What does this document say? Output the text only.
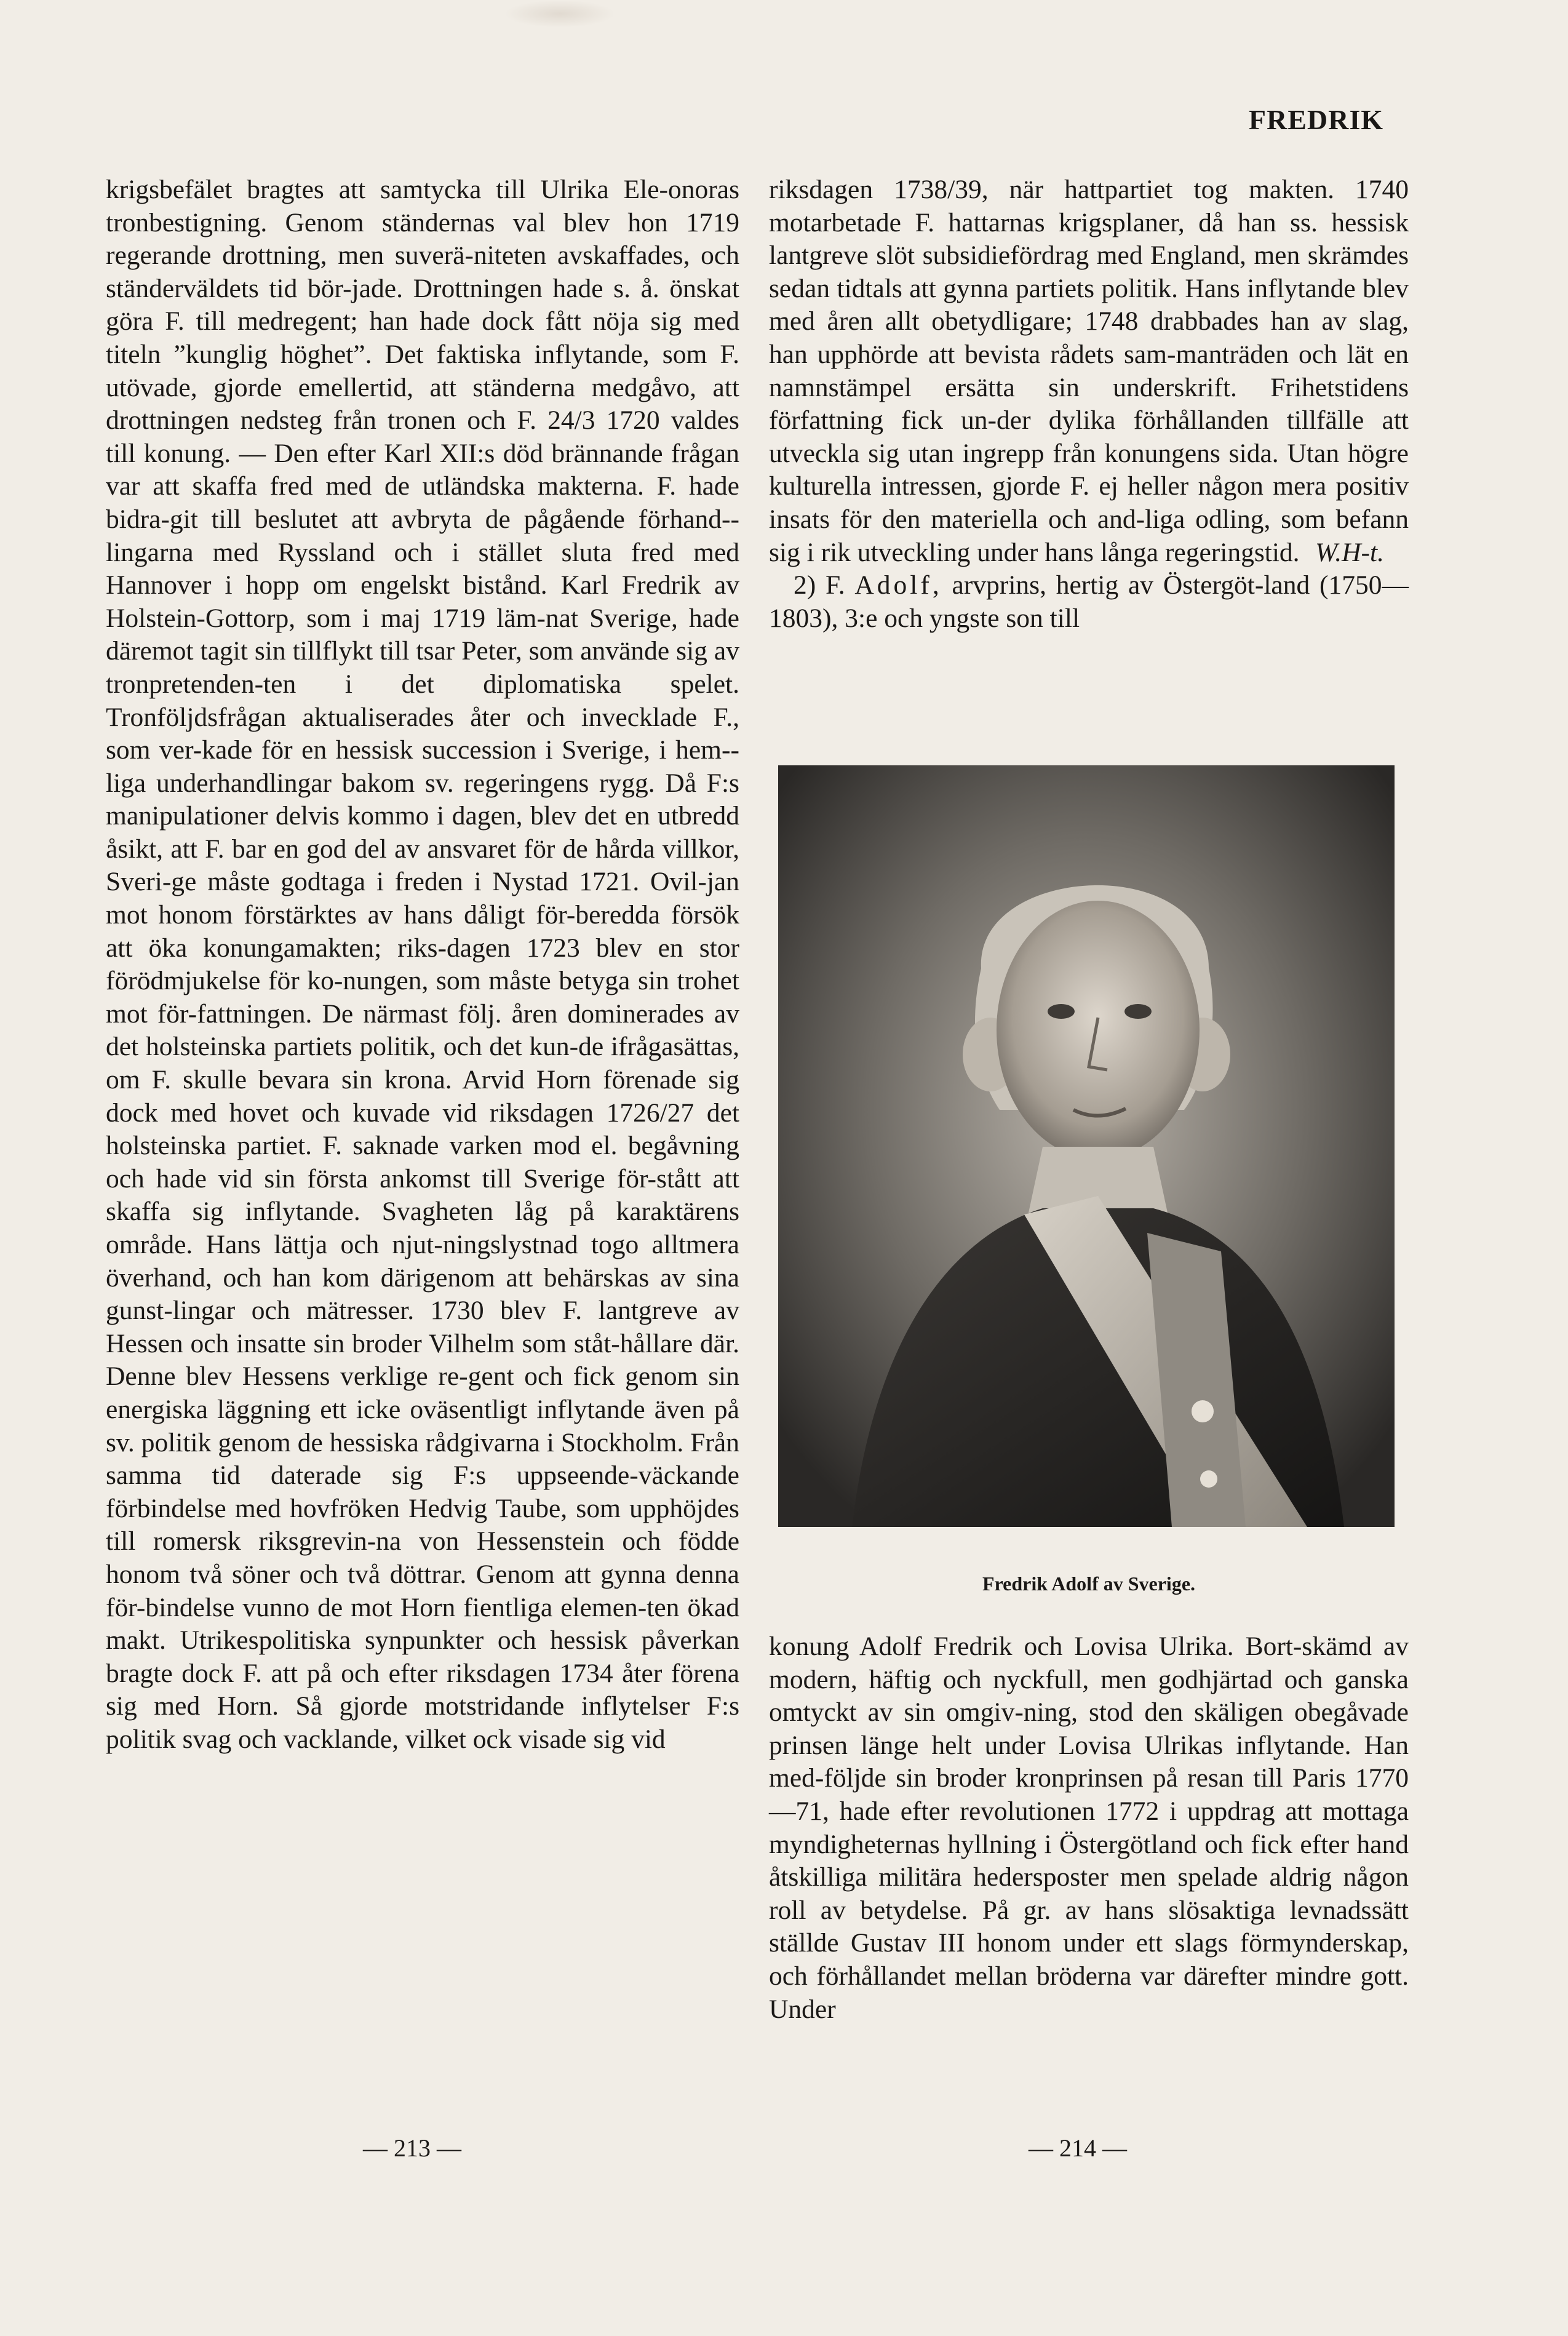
FREDRIK

krigsbefälet bragtes att samtycka till Ulrika Ele-onoras tronbestigning. Genom ständernas val blev hon 1719 regerande drottning, men suverä-niteten avskaffades, och ständerväldets tid bör-jade. Drottningen hade s. å. önskat göra F. till medregent; han hade dock fått nöja sig med titeln ”kunglig höghet”. Det faktiska inflytande, som F. utövade, gjorde emellertid, att ständerna medgåvo, att drottningen nedsteg från tronen och F. 24/3 1720 valdes till konung. — Den efter Karl XII:s död brännande frågan var att skaffa fred med de utländska makterna. F. hade bidra-git till beslutet att avbryta de pågående förhand-lingarna med Ryssland och i stället sluta fred med Hannover i hopp om engelskt bistånd. Karl Fredrik av Holstein-Gottorp, som i maj 1719 läm-nat Sverige, hade däremot tagit sin tillflykt till tsar Peter, som använde sig av tronpretenden-ten i det diplomatiska spelet. Tronföljdsfrågan aktualiserades åter och invecklade F., som ver-kade för en hessisk succession i Sverige, i hem-liga underhandlingar bakom sv. regeringens rygg. Då F:s manipulationer delvis kommo i dagen, blev det en utbredd åsikt, att F. bar en god del av ansvaret för de hårda villkor, Sveri-ge måste godtaga i freden i Nystad 1721. Ovil-jan mot honom förstärktes av hans dåligt för-beredda försök att öka konungamakten; riks-dagen 1723 blev en stor förödmjukelse för ko-nungen, som måste betyga sin trohet mot för-fattningen. De närmast följ. åren dominerades av det holsteinska partiets politik, och det kun-de ifrågasättas, om F. skulle bevara sin krona. Arvid Horn förenade sig dock med hovet och kuvade vid riksdagen 1726/27 det holsteinska partiet. F. saknade varken mod el. begåvning och hade vid sin första ankomst till Sverige för-stått att skaffa sig inflytande. Svagheten låg på karaktärens område. Hans lättja och njut-ningslystnad togo alltmera överhand, och han kom därigenom att behärskas av sina gunst-lingar och mätresser. 1730 blev F. lantgreve av Hessen och insatte sin broder Vilhelm som ståt-hållare där. Denne blev Hessens verklige re-gent och fick genom sin energiska läggning ett icke oväsentligt inflytande även på sv. politik genom de hessiska rådgivarna i Stockholm. Från samma tid daterade sig F:s uppseende-väckande förbindelse med hovfröken Hedvig Taube, som upphöjdes till romersk riksgrevin-na von Hessenstein och födde honom två söner och två döttrar. Genom att gynna denna för-bindelse vunno de mot Horn fientliga elemen-ten ökad makt. Utrikespolitiska synpunkter och hessisk påverkan bragte dock F. att på och efter riksdagen 1734 åter förena sig med Horn. Så gjorde motstridande inflytelser F:s politik svag och vacklande, vilket ock visade sig vid

riksdagen 1738/39, när hattpartiet tog makten. 1740 motarbetade F. hattarnas krigsplaner, då han ss. hessisk lantgreve slöt subsidiefördrag med England, men skrämdes sedan tidtals att gynna partiets politik. Hans inflytande blev med åren allt obetydligare; 1748 drabbades han av slag, han upphörde att bevista rådets sam-manträden och lät en namnstämpel ersätta sin underskrift. Frihetstidens författning fick un-der dylika förhållanden tillfälle att utveckla sig utan ingrepp från konungens sida. Utan högre kulturella intressen, gjorde F. ej heller någon mera positiv insats för den materiella och and-liga odling, som befann sig i rik utveckling under hans långa regeringstid. W.H-t.

2) F. Adolf, arvprins, hertig av Östergöt-land (1750—1803), 3:e och yngste son till

Fredrik Adolf av Sverige.

konung Adolf Fredrik och Lovisa Ulrika. Bort-skämd av modern, häftig och nyckfull, men godhjärtad och ganska omtyckt av sin omgiv-ning, stod den skäligen obegåvade prinsen länge helt under Lovisa Ulrikas inflytande. Han med-följde sin broder kronprinsen på resan till Paris 1770—71, hade efter revolutionen 1772 i uppdrag att mottaga myndigheternas hyllning i Östergötland och fick efter hand åtskilliga militära hedersposter men spelade aldrig någon roll av betydelse. På gr. av hans slösaktiga levnadssätt ställde Gustav III honom under ett slags förmynderskap, och förhållandet mellan bröderna var därefter mindre gott. Under

— 213 —	— 214 —
